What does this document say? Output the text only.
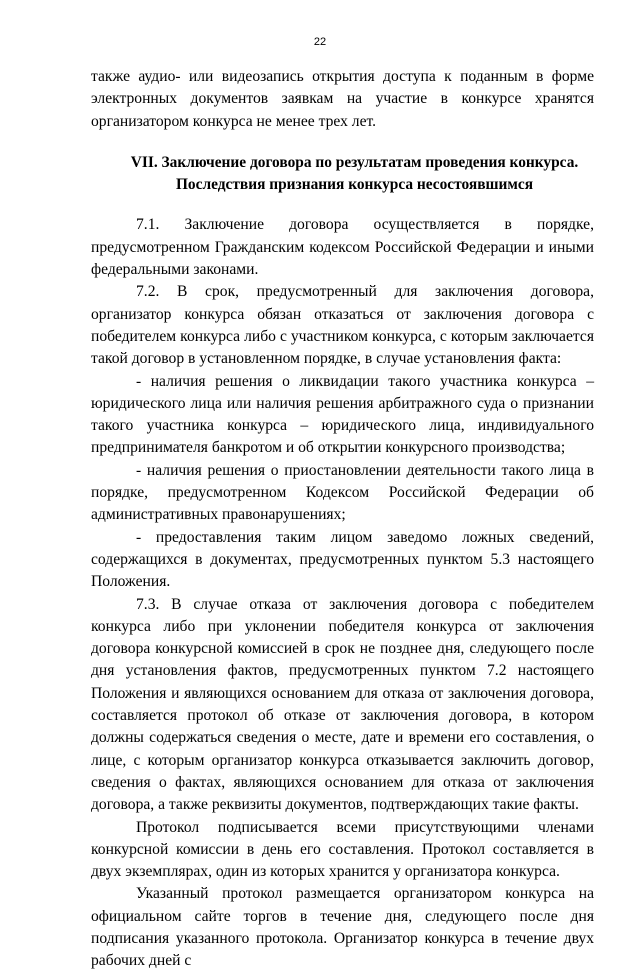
22

также аудио- или видеозапись открытия доступа к поданным в форме электронных документов заявкам на участие в конкурсе хранятся организатором конкурса не менее трех лет.

VII. Заключение договора по результатам проведения конкурса.
Последствия признания конкурса несостоявшимся

7.1. Заключение договора осуществляется в порядке, предусмотренном Гражданским кодексом Российской Федерации и иными федеральными законами.

7.2. В срок, предусмотренный для заключения договора, организатор конкурса обязан отказаться от заключения договора с победителем конкурса либо с участником конкурса, с которым заключается такой договор в установленном порядке, в случае установления факта:

- наличия решения о ликвидации такого участника конкурса – юридического лица или наличия решения арбитражного суда о признании такого участника конкурса – юридического лица, индивидуального предпринимателя банкротом и об открытии конкурсного производства;

- наличия решения о приостановлении деятельности такого лица в порядке, предусмотренном Кодексом Российской Федерации об административных правонарушениях;

- предоставления таким лицом заведомо ложных сведений, содержащихся в документах, предусмотренных пунктом 5.3 настоящего Положения.

7.3. В случае отказа от заключения договора с победителем конкурса либо при уклонении победителя конкурса от заключения договора конкурсной комиссией в срок не позднее дня, следующего после дня установления фактов, предусмотренных пунктом 7.2 настоящего Положения и являющихся основанием для отказа от заключения договора, составляется протокол об отказе от заключения договора, в котором должны содержаться сведения о месте, дате и времени его составления, о лице, с которым организатор конкурса отказывается заключить договор, сведения о фактах, являющихся основанием для отказа от заключения договора, а также реквизиты документов, подтверждающих такие факты.

Протокол подписывается всеми присутствующими членами конкурсной комиссии в день его составления. Протокол составляется в двух экземплярах, один из которых хранится у организатора конкурса.

Указанный протокол размещается организатором конкурса на официальном сайте торгов в течение дня, следующего после дня подписания указанного протокола. Организатор конкурса в течение двух рабочих дней с
